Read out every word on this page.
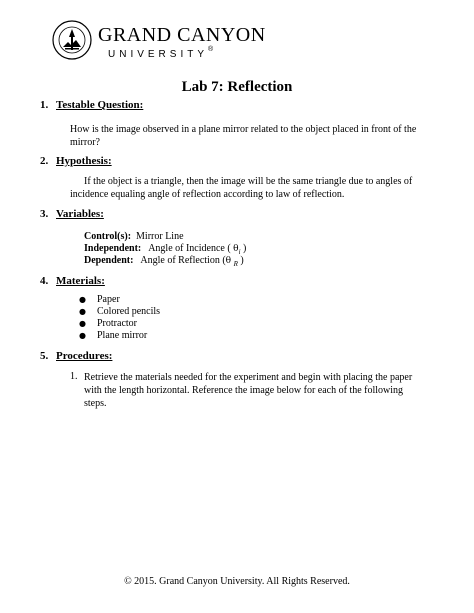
GRAND CANYON
UNIVERSITY®
Lab 7: Reflection
1. Testable Question:
How is the image observed in a plane mirror related to the object placed in front of the mirror?
2. Hypothesis:
If the object is a triangle, then the image will be the same triangle due to angles of incidence equaling angle of reflection according to law of reflection.
3. Variables:
Control(s): Mirror Line
Independent: Angle of Incidence ( $\theta_i$ )
Dependent: Angle of Reflection (θ $_R$ )
4. Materials:
● Paper
● Colored pencils
● Protractor
● Plane mirror
5. Procedures:
1. Retrieve the materials needed for the experiment and begin with placing the paper with the length horizontal. Reference the image below for each of the following steps.
© 2015. Grand Canyon University. All Rights Reserved.
